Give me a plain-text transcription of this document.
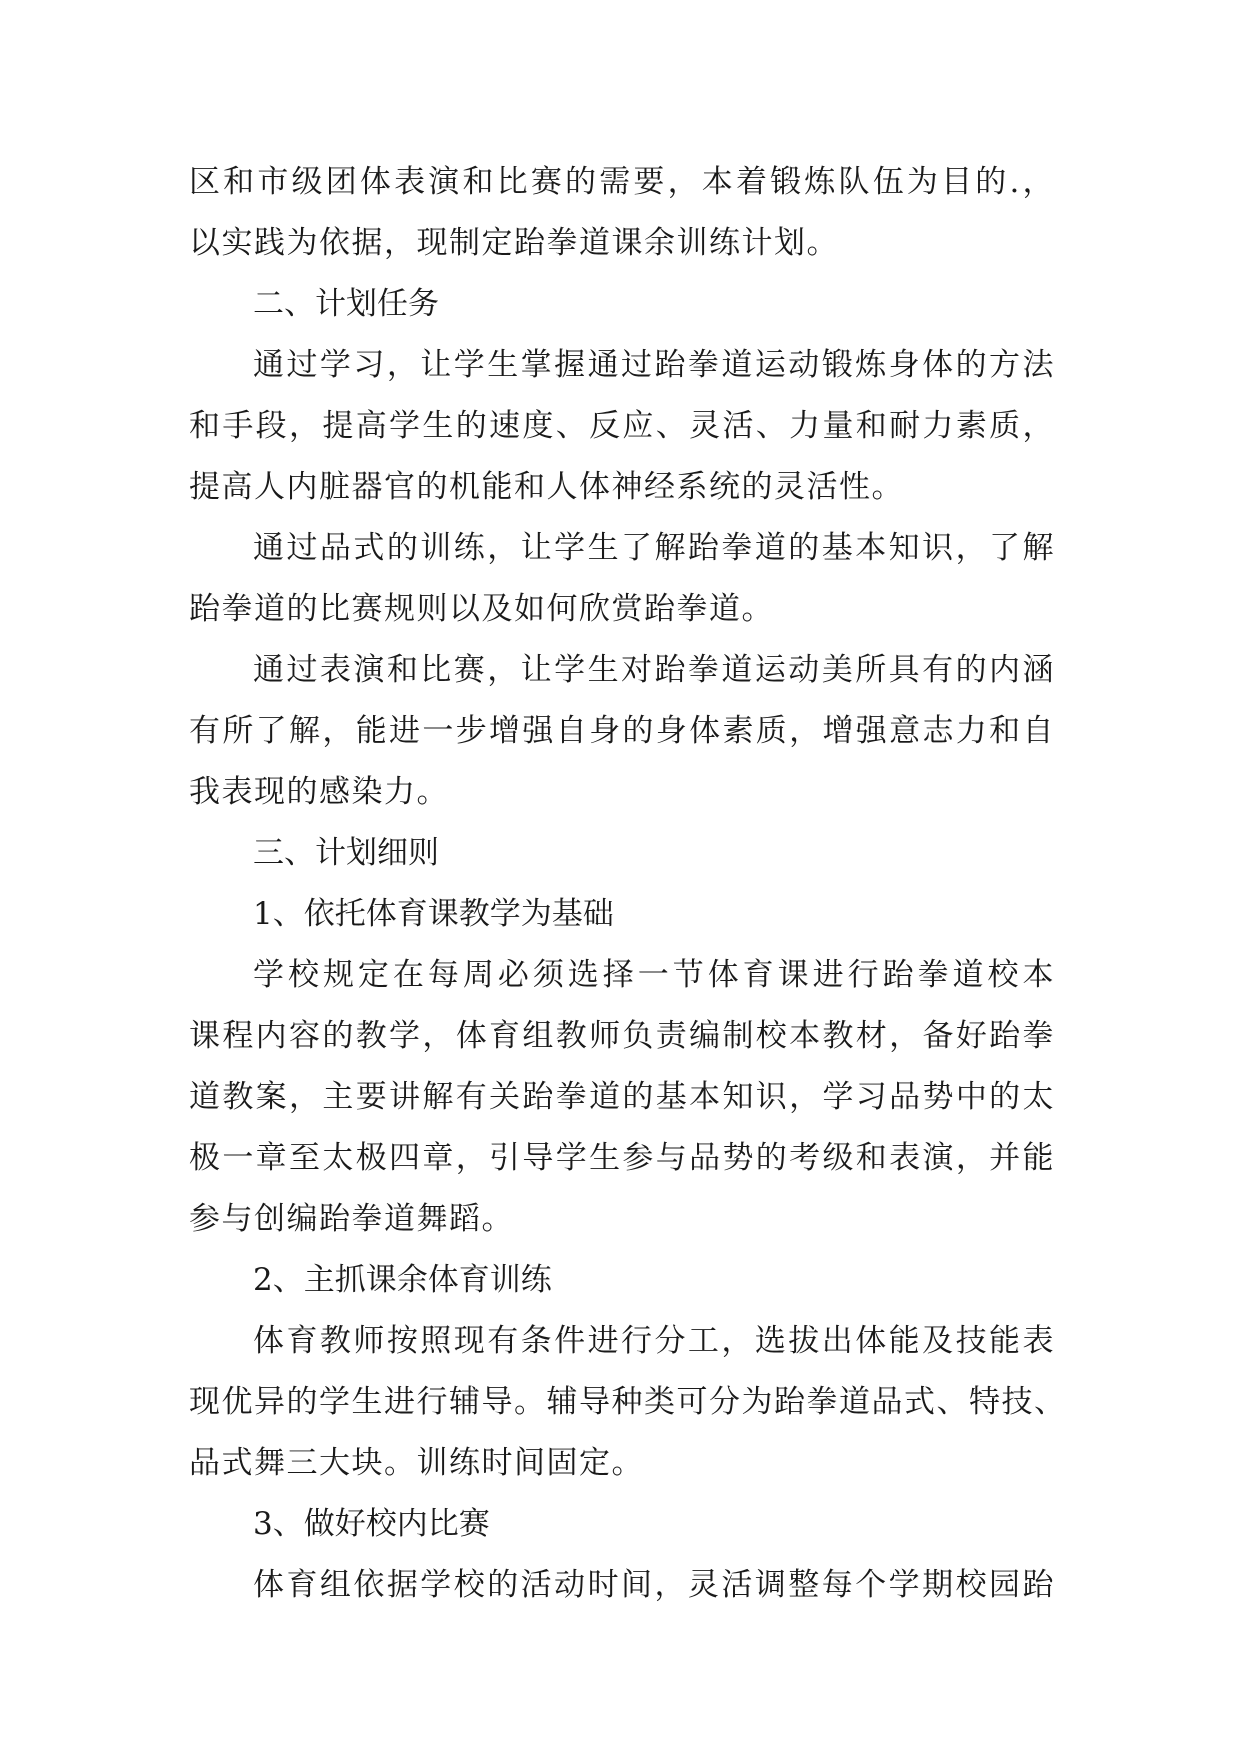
区和市级团体表演和比赛的需要，本着锻炼队伍为目的.，
以实践为依据，现制定跆拳道课余训练计划。
二、计划任务
通过学习，让学生掌握通过跆拳道运动锻炼身体的方法
和手段，提高学生的速度、反应、灵活、力量和耐力素质，
提高人内脏器官的机能和人体神经系统的灵活性。
通过品式的训练，让学生了解跆拳道的基本知识，了解
跆拳道的比赛规则以及如何欣赏跆拳道。
通过表演和比赛，让学生对跆拳道运动美所具有的内涵
有所了解，能进一步增强自身的身体素质，增强意志力和自
我表现的感染力。
三、计划细则
1、依托体育课教学为基础
学校规定在每周必须选择一节体育课进行跆拳道校本
课程内容的教学，体育组教师负责编制校本教材，备好跆拳
道教案，主要讲解有关跆拳道的基本知识，学习品势中的太
极一章至太极四章，引导学生参与品势的考级和表演，并能
参与创编跆拳道舞蹈。
2、主抓课余体育训练
体育教师按照现有条件进行分工，选拔出体能及技能表
现优异的学生进行辅导。辅导种类可分为跆拳道品式、特技、
品式舞三大块。训练时间固定。
3、做好校内比赛
体育组依据学校的活动时间，灵活调整每个学期校园跆
